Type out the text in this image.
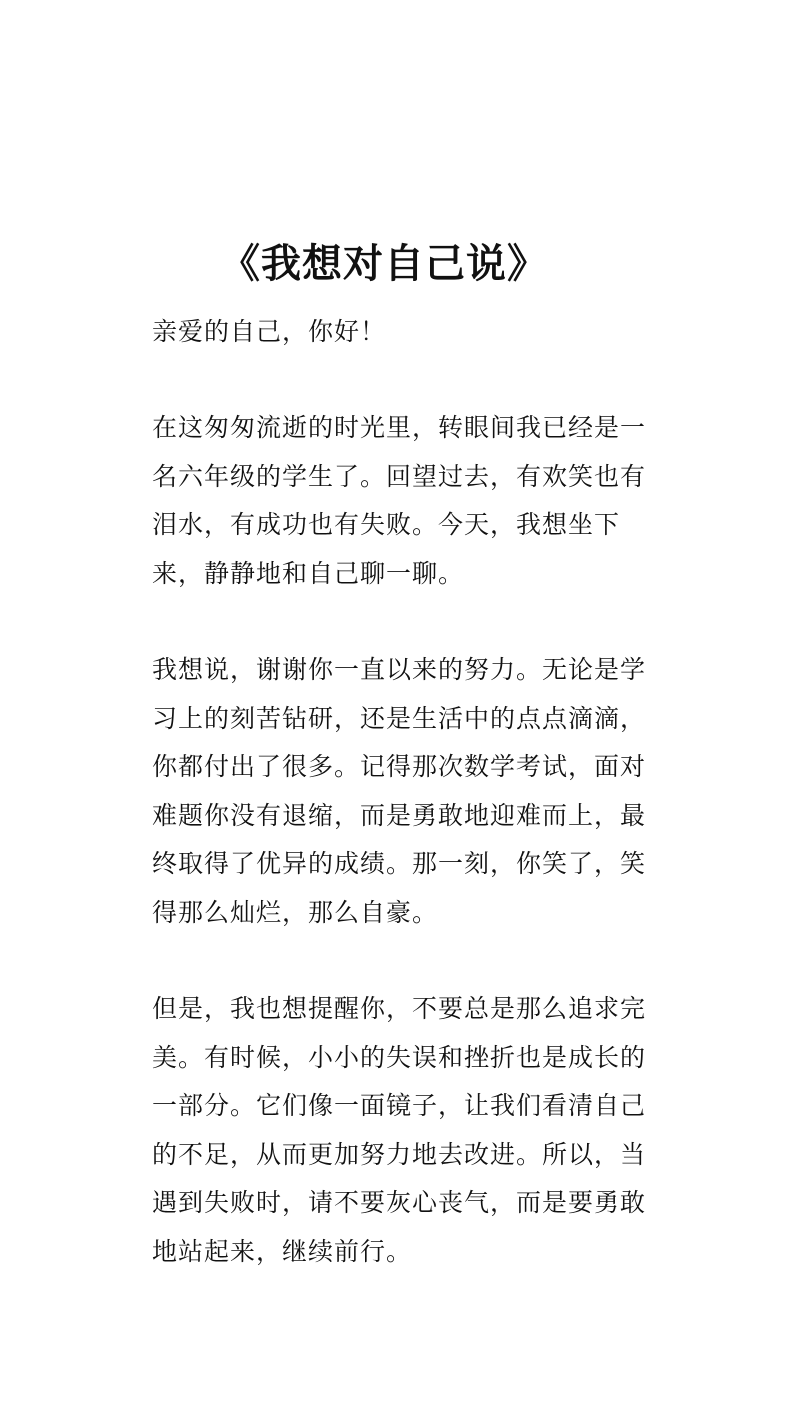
《我想对自己说》

亲爱的自己，你好！

在这匆匆流逝的时光里，转眼间我已经是一
名六年级的学生了。回望过去，有欢笑也有
泪水，有成功也有失败。今天，我想坐下
来，静静地和自己聊一聊。

我想说，谢谢你一直以来的努力。无论是学
习上的刻苦钻研，还是生活中的点点滴滴，
你都付出了很多。记得那次数学考试，面对
难题你没有退缩，而是勇敢地迎难而上，最
终取得了优异的成绩。那一刻，你笑了，笑
得那么灿烂，那么自豪。

但是，我也想提醒你，不要总是那么追求完
美。有时候，小小的失误和挫折也是成长的
一部分。它们像一面镜子，让我们看清自己
的不足，从而更加努力地去改进。所以，当
遇到失败时，请不要灰心丧气，而是要勇敢
地站起来，继续前行。
